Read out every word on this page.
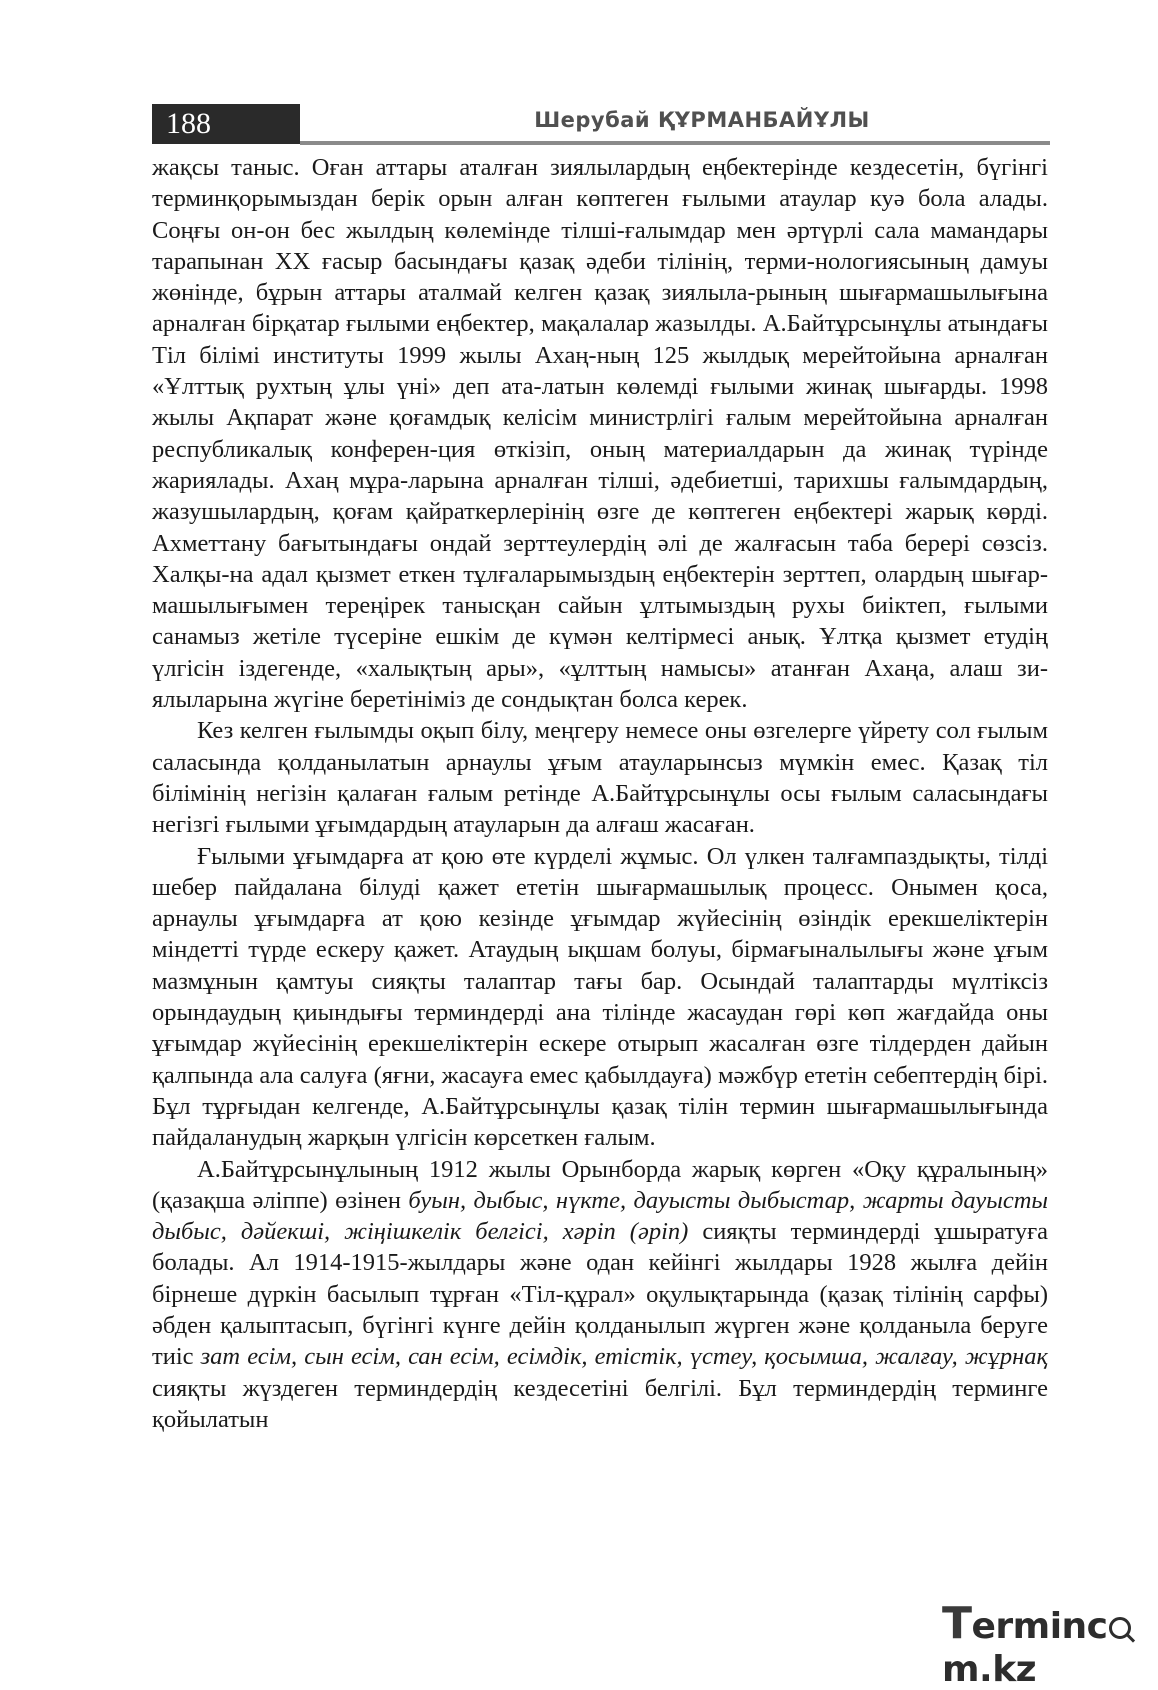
188	Шерубай ҚҰРМАНБАЙҰЛЫ

жақсы таныс. Оған аттары аталған зиялылардың еңбектерінде кездесетін, бүгінгі терминқорымыздан берік орын алған көптеген ғылыми атаулар куә бола алады. Соңғы он-он бес жылдың көлемінде тілші-ғалымдар мен әртүрлі сала мамандары тарапынан XX ғасыр басындағы қазақ әдеби тілінің, терми-нологиясының дамуы жөнінде, бұрын аттары аталмай келген қазақ зиялыла-рының шығармашылығына арналған бірқатар ғылыми еңбектер, мақалалар жазылды. А.Байтұрсынұлы атындағы Тіл білімі институты 1999 жылы Ахаң-ның 125 жылдық мерейтойына арналған «Ұлттық рухтың ұлы үні» деп ата-латын көлемді ғылыми жинақ шығарды. 1998 жылы Ақпарат және қоғамдық келісім министрлігі ғалым мерейтойына арналған республикалық конферен-ция өткізіп, оның материалдарын да жинақ түрінде жариялады. Ахаң мұра-ларына арналған тілші, әдебиетші, тарихшы ғалымдардың, жазушылардың, қоғам қайраткерлерінің өзге де көптеген еңбектері жарық көрді. Ахметтану бағытындағы ондай зерттеулердің әлі де жалғасын таба берері сөзсіз. Халқы-на адал қызмет еткен тұлғаларымыздың еңбектерін зерттеп, олардың шығар-машылығымен тереңірек танысқан сайын ұлтымыздың рухы биіктеп, ғылыми санамыз жетіле түсеріне ешкім де күмән келтірмесі анық. Ұлтқа қызмет етудің үлгісін іздегенде, «халықтың ары», «ұлттың намысы» атанған Ахаңа, алаш зи-ялыларына жүгіне беретініміз де сондықтан болса керек.

Кез келген ғылымды оқып білу, меңгеру немесе оны өзгелерге үйрету сол ғылым саласында қолданылатын арнаулы ұғым атауларынсыз мүмкін емес. Қазақ тіл білімінің негізін қалаған ғалым ретінде А.Байтұрсынұлы осы ғылым саласындағы негізгі ғылыми ұғымдардың атауларын да алғаш жасаған.

Ғылыми ұғымдарға ат қою өте күрделі жұмыс. Ол үлкен талғампаздықты, тілді шебер пайдалана білуді қажет ететін шығармашылық процесс. Онымен қоса, арнаулы ұғымдарға ат қою кезінде ұғымдар жүйесінің өзіндік ерекшеліктерін міндетті түрде ескеру қажет. Атаудың ықшам болуы, бірмағыналылығы және ұғым мазмұнын қамтуы сияқты талаптар тағы бар. Осындай талаптарды мүлтіксіз орындаудың қиындығы терминдерді ана тілінде жасаудан гөрі көп жағдайда оны ұғымдар жүйесінің ерекшеліктерін ескере отырып жасалған өзге тілдерден дайын қалпында ала салуға (яғни, жасауға емес қабылдауға) мәжбүр ететін себептердің бірі. Бұл тұрғыдан келгенде, А.Байтұрсынұлы қазақ тілін термин шығармашылығында пайдаланудың жарқын үлгісін көрсеткен ғалым.

А.Байтұрсынұлының 1912 жылы Орынборда жарық көрген «Оқу құралының» (қазақша әліппе) өзінен буын, дыбыс, нүкте, дауысты дыбыстар, жарты дауысты дыбыс, дәйекші, жіңішкелік белгісі, хәріп (әріп) сияқты терминдерді ұшыратуға болады. Ал 1914-1915-жылдары және одан кейінгі жылдары 1928 жылға дейін бірнеше дүркін басылып тұрған «Тіл-құрал» оқулықтарында (қазақ тілінің сарфы) әбден қалыптасып, бүгінгі күнге дейін қолданылып жүрген және қолданыла беруге тиіс зат есім, сын есім, сан есім, есімдік, етістік, үстеу, қосымша, жалғау, жұрнақ сияқты жүздеген терминдердің кездесетіні белгілі. Бұл терминдердің терминге қойылатын

Termincm.kz
